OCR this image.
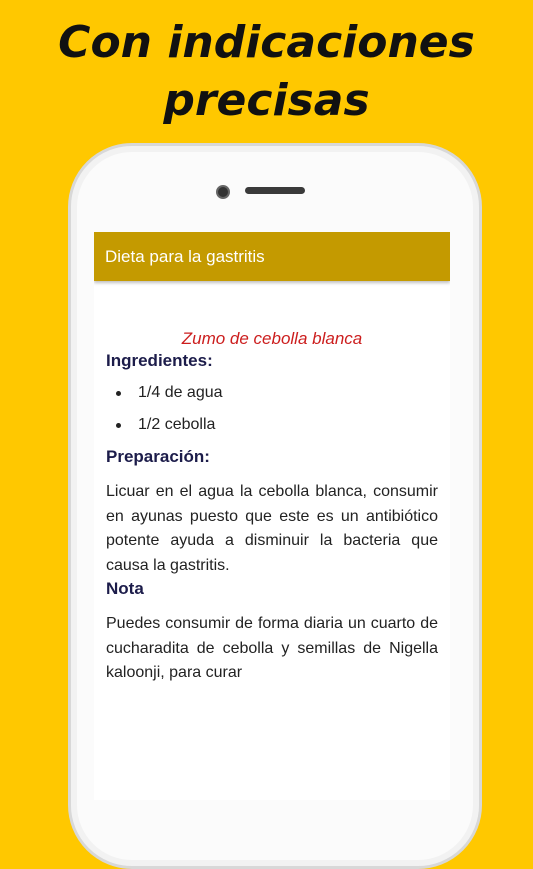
Con indicaciones
precisas
Dieta para la gastritis
Zumo de cebolla blanca
Ingredientes:
1/4 de agua
1/2 cebolla
Preparación:
Licuar en el agua la cebolla blanca, consumir en ayunas puesto que este es un antibiótico potente ayuda a disminuir la bacteria que causa la gastritis.
Nota
Puedes consumir de forma diaria un cuarto de cucharadita de cebolla y semillas de Nigella kaloonji, para curar
